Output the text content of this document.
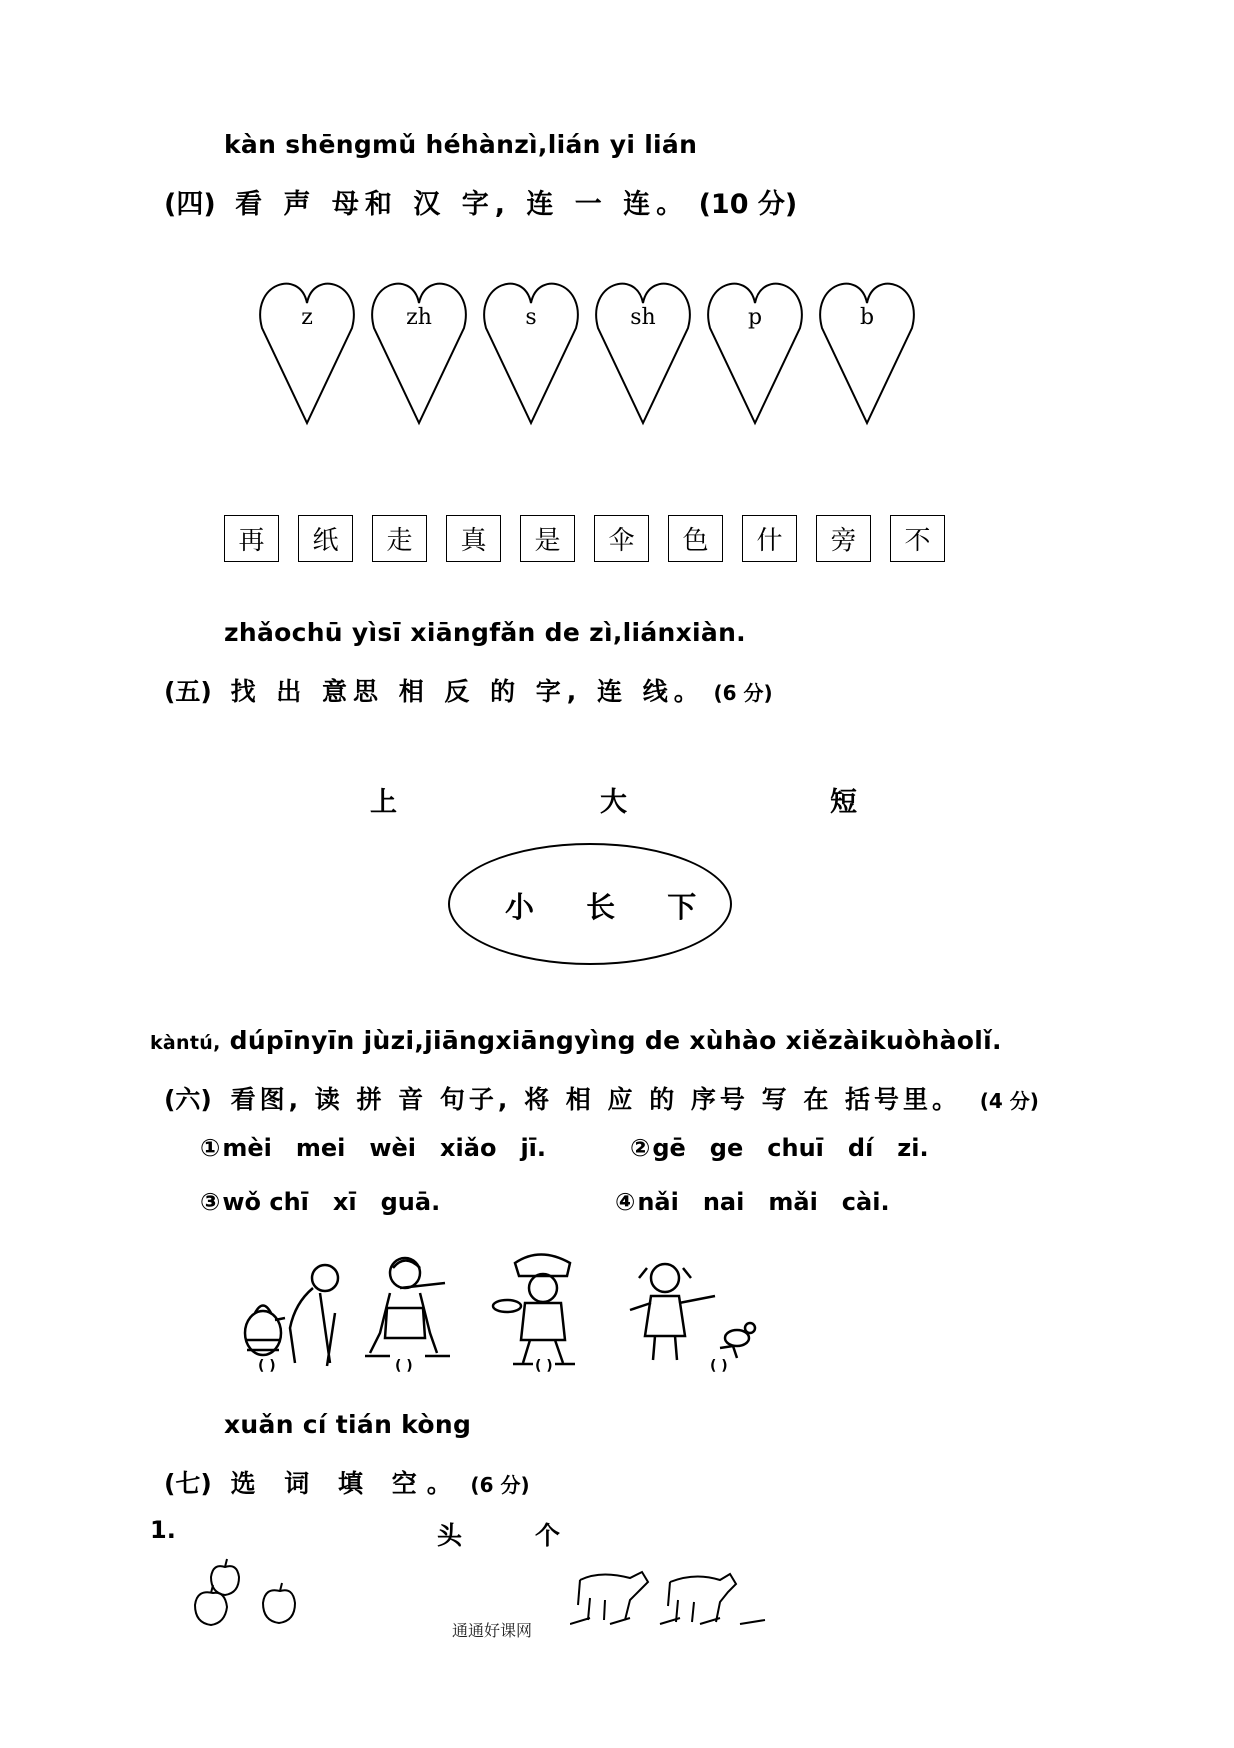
kàn shēngmǔ héhànzì,lián yi lián
(四) 看 声 母和 汉 字, 连 一 连。 (10 分)
z	zh	s	sh	p	b
再	纸	走	真	是	伞	色	什	旁	不
zhǎochū yìsī xiāngfǎn de zì,liánxiàn.
(五) 找 出 意思 相 反 的 字, 连 线。 (6 分)
上	大	短
小 长 下
kàntú, dúpīnyīn jùzi,jiāngxiāngyìng de xùhào xiězàikuòhàolǐ.
(六) 看图, 读 拼 音 句子, 将 相 应 的 序号 写 在 括号里。 (4 分)
①mèi mei wèi xiǎo jī.	②gē ge chuī dí zi.
③wǒ chī xī guā.	④nǎi nai mǎi cài.
( )	( )	( )	( )
xuǎn cí tián kòng
(七) 选 词 填 空。 (6 分)
1.	头	个
通通好课网
